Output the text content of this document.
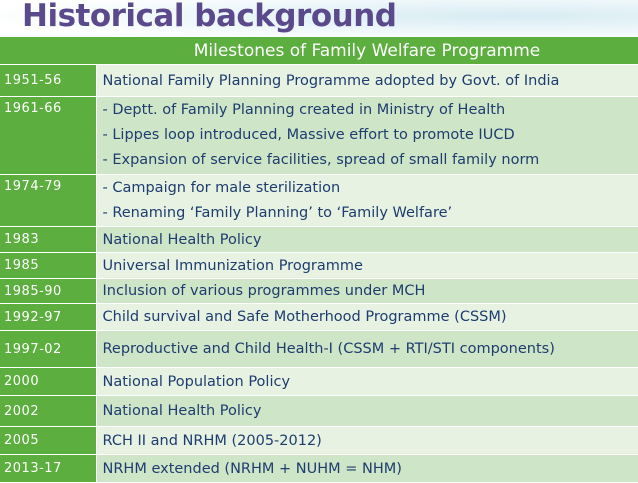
Historical background
	Milestones of Family Welfare Programme
1951-56	National Family Planning Programme adopted by Govt. of India
1961-66	- Deptt. of Family Planning created in Ministry of Health
- Lippes loop introduced, Massive effort to promote IUCD
- Expansion of service facilities, spread of small family norm

1974-79	- Campaign for male sterilization
- Renaming ‘Family Planning’ to ‘Family Welfare’

1983	National Health Policy
1985	Universal Immunization Programme
1985-90	Inclusion of various programmes under MCH
1992-97	Child survival and Safe Motherhood Programme (CSSM)
1997-02	Reproductive and Child Health-I (CSSM + RTI/STI components)
2000	National Population Policy
2002	National Health Policy
2005	RCH II and NRHM (2005-2012)
2013-17	NRHM extended (NRHM + NUHM = NHM)
